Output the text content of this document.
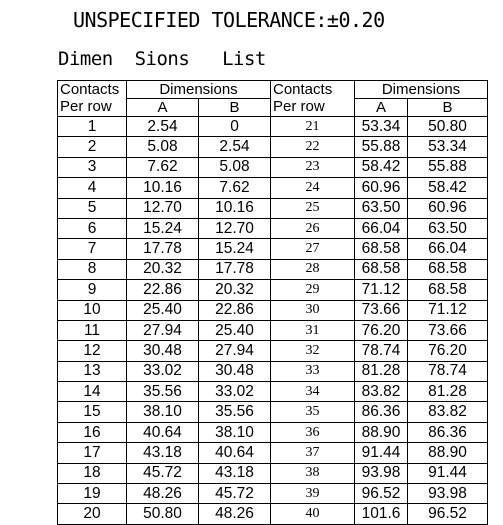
UNSPECIFIED TOLERANCE:±0.20
Dimen  Sions   List
Contacts	Dimensions		Contacts	Dimensions	
Per row	A	B	Per row	A	B
1	2.54	0	21	53.34	50.80
2	5.08	2.54	22	55.88	53.34
3	7.62	5.08	23	58.42	55.88
4	10.16	7.62	24	60.96	58.42
5	12.70	10.16	25	63.50	60.96
6	15.24	12.70	26	66.04	63.50
7	17.78	15.24	27	68.58	66.04
8	20.32	17.78	28	68.58	68.58
9	22.86	20.32	29	71.12	68.58
10	25.40	22.86	30	73.66	71.12
11	27.94	25.40	31	76.20	73.66
12	30.48	27.94	32	78.74	76.20
13	33.02	30.48	33	81.28	78.74
14	35.56	33.02	34	83.82	81.28
15	38.10	35.56	35	86.36	83.82
16	40.64	38.10	36	88.90	86.36
17	43.18	40.64	37	91.44	88.90
18	45.72	43.18	38	93.98	91.44
19	48.26	45.72	39	96.52	93.98
20	50.80	48.26	40	101.6	96.52
